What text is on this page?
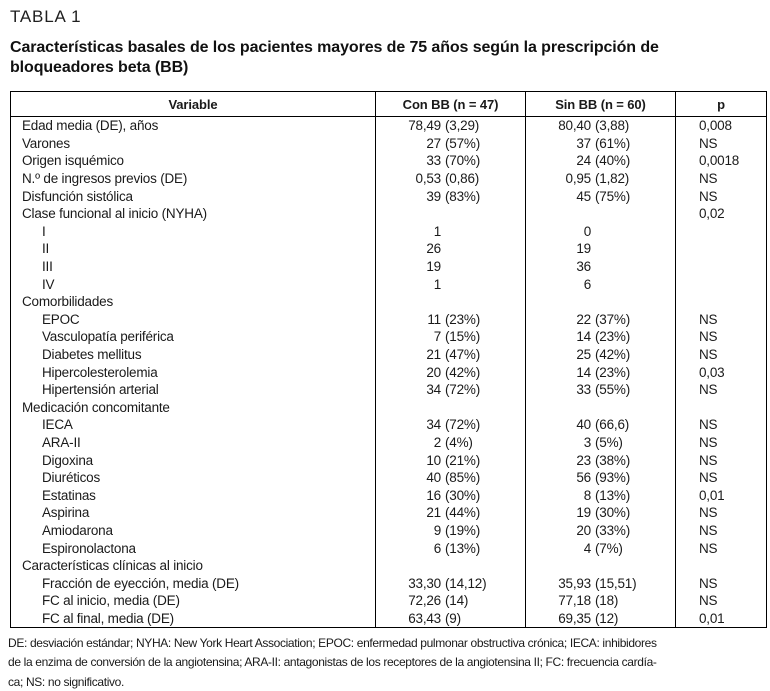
TABLA 1
Características basales de los pacientes mayores de 75 años según la prescripción de bloqueadores beta (BB)
Variable	Con BB (n = 47)	Sin BB (n = 60)	p
Edad media (DE), años	78,49 (3,29)	80,40 (3,88)	0,008
Varones	27 (57%)	37 (61%)	NS
Origen isquémico	33 (70%)	24 (40%)	0,0018
N.º de ingresos previos (DE)	0,53 (0,86)	0,95 (1,82)	NS
Disfunción sistólica	39 (83%)	45 (75%)	NS
Clase funcional al inicio (NYHA)			0,02
I	1	0	

II	26	19	

III	19	36	

IV	1	6	

Comorbilidades			
EPOC	11 (23%)	22 (37%)	NS
Vasculopatía periférica	7 (15%)	14 (23%)	NS
Diabetes mellitus	21 (47%)	25 (42%)	NS
Hipercolesterolemia	20 (42%)	14 (23%)	0,03
Hipertensión arterial	34 (72%)	33 (55%)	NS
Medicación concomitante			
IECA	34 (72%)	40 (66,6)	NS
ARA-II	2 (4%)	3 (5%)	NS
Digoxina	10 (21%)	23 (38%)	NS
Diuréticos	40 (85%)	56 (93%)	NS
Estatinas	16 (30%)	8 (13%)	0,01
Aspirina	21 (44%)	19 (30%)	NS
Amiodarona	9 (19%)	20 (33%)	NS
Espironolactona	6 (13%)	4 (7%)	NS
Características clínicas al inicio			
Fracción de eyección, media (DE)	33,30 (14,12)	35,93 (15,51)	NS
FC al inicio, media (DE)	72,26 (14)	77,18 (18)	NS
FC al final, media (DE)	63,43 (9)	69,35 (12)	0,01
DE: desviación estándar; NYHA: New York Heart Association; EPOC: enfermedad pulmonar obstructiva crónica; IECA: inhibidores
de la enzima de conversión de la angiotensina; ARA-II: antagonistas de los receptores de la angiotensina II; FC: frecuencia cardía-
ca; NS: no significativo.
